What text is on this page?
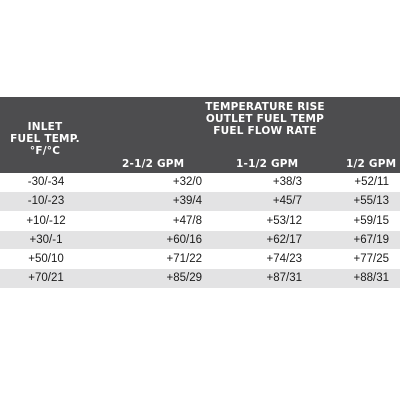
INLET
FUEL TEMP.
°F/°C
TEMPERATURE RISE
OUTLET FUEL TEMP
FUEL FLOW RATE
2-1/2 GPM	1-1/2 GPM	1/2 GPM
-30/-34	+32/0	+38/3	+52/11
-10/-23	+39/4	+45/7	+55/13
+10/-12	+47/8	+53/12	+59/15
+30/-1	+60/16	+62/17	+67/19
+50/10	+71/22	+74/23	+77/25
+70/21	+85/29	+87/31	+88/31
